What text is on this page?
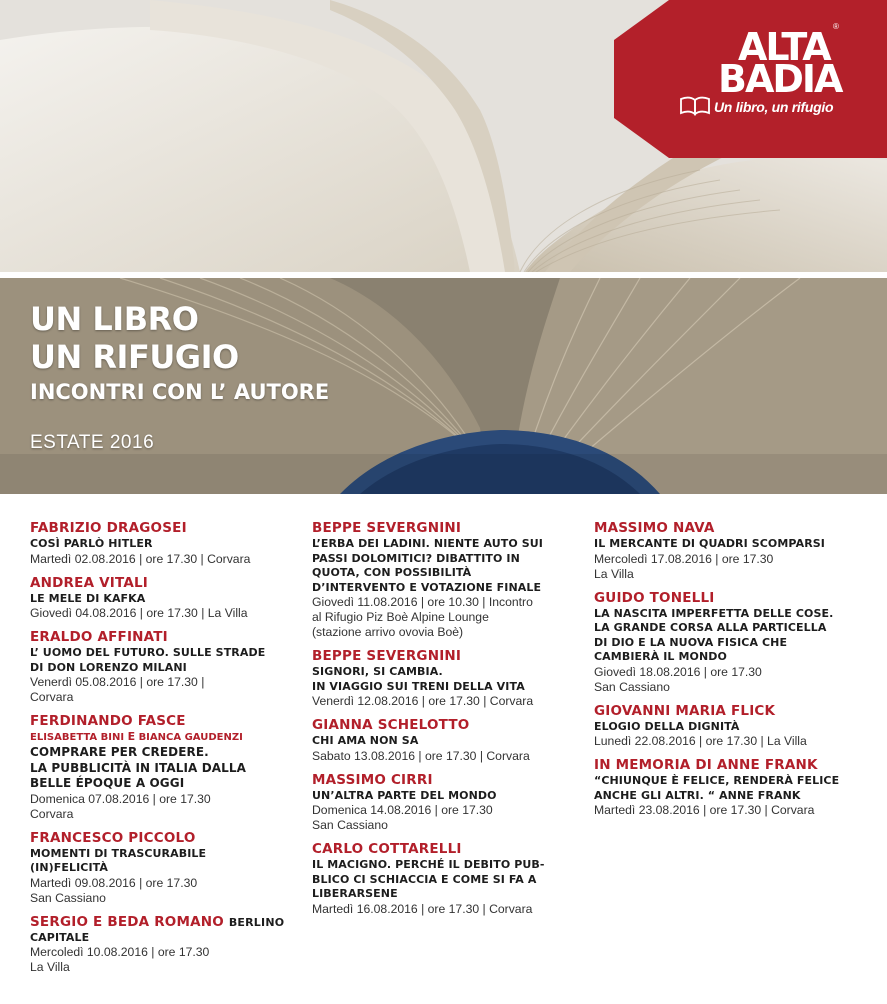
ALTA ®
BADIA
Un libro, un rifugio
UN LIBRO
UN RIFUGIO
INCONTRI CON L’ AUTORE
ESTATE 2016
FABRIZIO DRAGOSEI
COSÌ PARLÒ HITLER
Martedì 02.08.2016 | ore 17.30 | Corvara
ANDREA VITALI
LE MELE DI KAFKA
Giovedì 04.08.2016 | ore 17.30 | La Villa
ERALDO AFFINATI
L’ UOMO DEL FUTURO. SULLE STRADE
DI DON LORENZO MILANI
Venerdì 05.08.2016 | ore 17.30 |
Corvara
FERDINANDO FASCE
ELISABETTA BINI E BIANCA GAUDENZI
COMPRARE PER CREDERE.
LA PUBBLICITÀ IN ITALIA DALLA
BELLE ÉPOQUE A OGGI
Domenica 07.08.2016 | ore 17.30
Corvara
FRANCESCO PICCOLO
MOMENTI DI TRASCURABILE
(IN)FELICITÀ
Martedì 09.08.2016 | ore 17.30
San Cassiano
SERGIO E BEDA ROMANO BERLINO
CAPITALE
Mercoledì 10.08.2016 | ore 17.30
La Villa
BEPPE SEVERGNINI
L’ERBA DEI LADINI. NIENTE AUTO SUI
PASSI DOLOMITICI? DIBATTITO IN
QUOTA, CON POSSIBILITÀ
D’INTERVENTO E VOTAZIONE FINALE
Giovedì 11.08.2016 | ore 10.30 | Incontro
al Rifugio Piz Boè Alpine Lounge
(stazione arrivo ovovia Boè)
BEPPE SEVERGNINI
SIGNORI, SI CAMBIA.
IN VIAGGIO SUI TRENI DELLA VITA
Venerdì 12.08.2016 | ore 17.30 | Corvara
GIANNA SCHELOTTO
CHI AMA NON SA
Sabato 13.08.2016 | ore 17.30 | Corvara
MASSIMO CIRRI
UN’ALTRA PARTE DEL MONDO
Domenica 14.08.2016 | ore 17.30
San Cassiano
CARLO COTTARELLI
IL MACIGNO. PERCHÉ IL DEBITO PUB-
BLICO CI SCHIACCIA E COME SI FA A
LIBERARSENE
Martedì 16.08.2016 | ore 17.30 | Corvara
MASSIMO NAVA
IL MERCANTE DI QUADRI SCOMPARSI
Mercoledì 17.08.2016 | ore 17.30
La Villa
GUIDO TONELLI
LA NASCITA IMPERFETTA DELLE COSE.
LA GRANDE CORSA ALLA PARTICELLA
DI DIO E LA NUOVA FISICA CHE
CAMBIERÀ IL MONDO
Giovedì 18.08.2016 | ore 17.30
San Cassiano
GIOVANNI MARIA FLICK
ELOGIO DELLA DIGNITÀ
Lunedì 22.08.2016 | ore 17.30 | La Villa
IN MEMORIA DI ANNE FRANK
“CHIUNQUE È FELICE, RENDERÀ FELICE
ANCHE GLI ALTRI. “ ANNE FRANK
Martedì 23.08.2016 | ore 17.30 | Corvara
